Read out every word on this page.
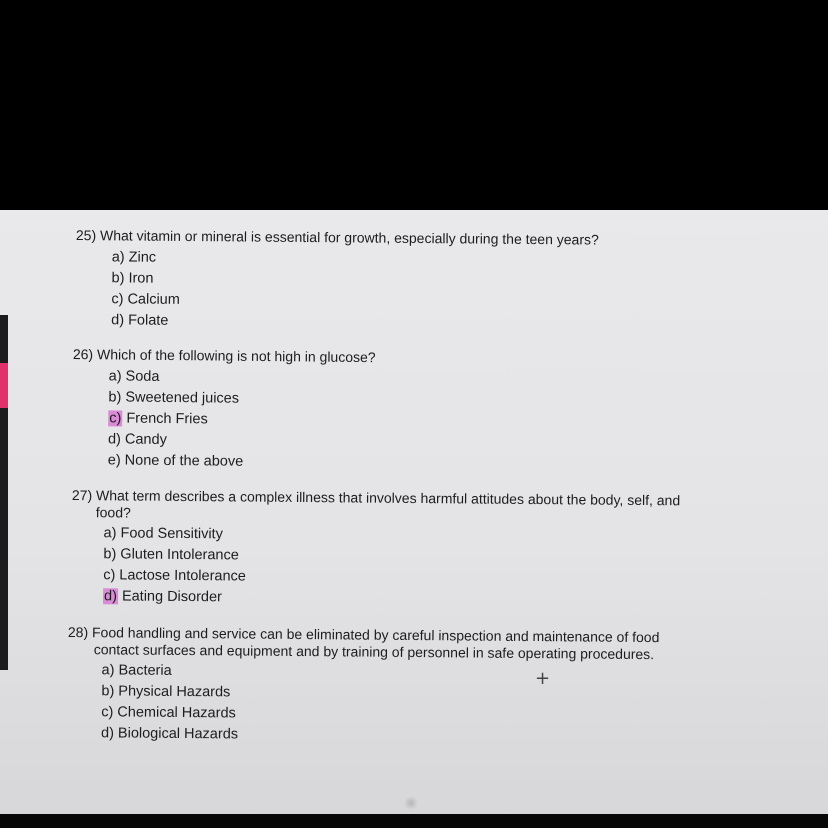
25) What vitamin or mineral is essential for growth, especially during the teen years?

a) Zinc
b) Iron
c) Calcium
d) Folate

26) Which of the following is not high in glucose?

a) Soda
b) Sweetened juices
c) French Fries
d) Candy
e) None of the above

27) What term describes a complex illness that involves harmful attitudes about the body, self, and

food?

a) Food Sensitivity
b) Gluten Intolerance
c) Lactose Intolerance
d) Eating Disorder

28) Food handling and service can be eliminated by careful inspection and maintenance of food

contact surfaces and equipment and by training of personnel in safe operating procedures.

a) Bacteria
b) Physical Hazards
c) Chemical Hazards
d) Biological Hazards
+
